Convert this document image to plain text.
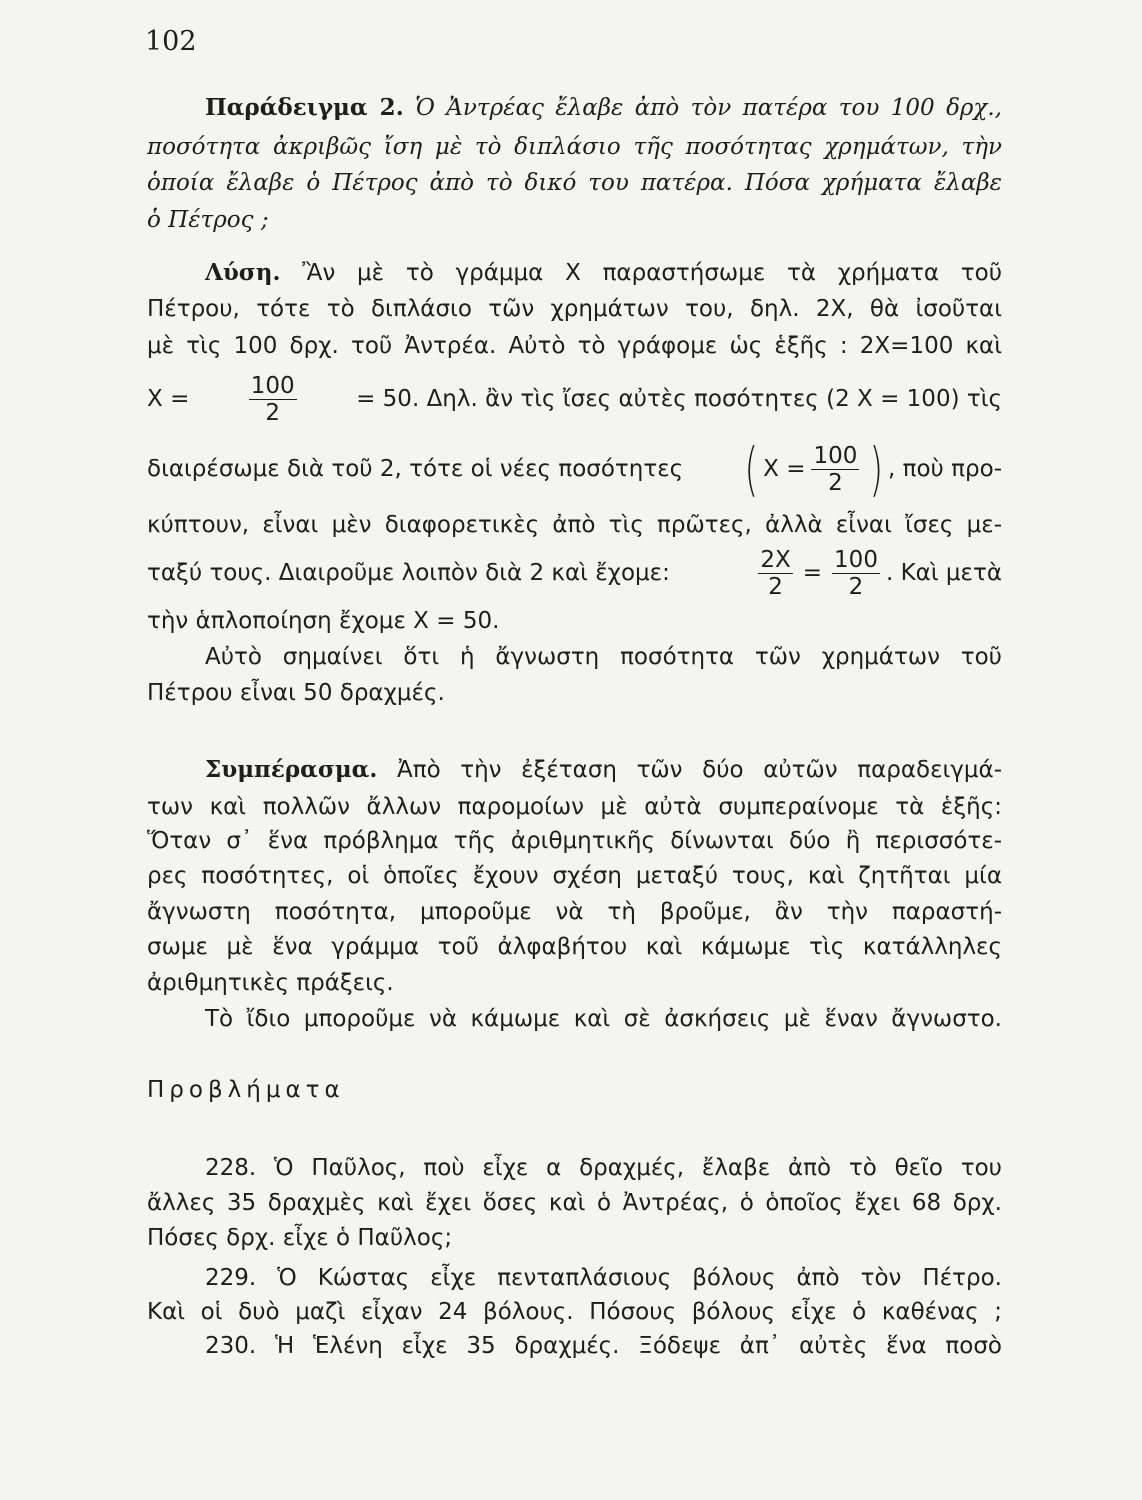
102
Παράδειγμα 2. Ὁ Ἀντρέας ἔλαβε ἀπὸ τὸν πατέρα του 100 δρχ.,
ποσότητα ἀκριβῶς ἴση μὲ τὸ διπλάσιο τῆς ποσότητας χρημάτων, τὴν
ὁποία ἔλαβε ὁ Πέτρος ἀπὸ τὸ δικό του πατέρα. Πόσα χρήματα ἔλαβε
ὁ Πέτρος ;
Λύση. Ἂν μὲ τὸ γράμμα X παραστήσωμε τὰ χρήματα τοῦ
Πέτρου, τότε τὸ διπλάσιο τῶν χρημάτων του, δηλ. 2X, θὰ ἰσοῦται
μὲ τὶς 100 δρχ. τοῦ Ἀντρέα. Αὐτὸ τὸ γράφομε ὡς ἑξῆς : 2X=100 καὶ
X =	$\frac{100}{2}$	= 50. Δηλ. ἂν τὶς ἴσες αὐτὲς ποσότητες (2 X = 100) τὶς
διαιρέσωμε διὰ τοῦ 2, τότε οἱ νέες ποσότητες ( $X = \frac{100}{2}$ ) , ποὺ προ-
κύπτουν, εἶναι μὲν διαφορετικὲς ἀπὸ τὶς πρῶτες, ἀλλὰ εἶναι ἴσες με-
ταξύ τους. Διαιροῦμε λοιπὸν διὰ 2 καὶ ἔχομε:	$\frac{2X}{2} = \frac{100}{2}$ . Καὶ μετὰ
τὴν ἁπλοποίηση ἔχομε X = 50.
Αὐτὸ σημαίνει ὅτι ἡ ἄγνωστη ποσότητα τῶν χρημάτων τοῦ
Πέτρου εἶναι 50 δραχμές.
Συμπέρασμα. Ἀπὸ τὴν ἐξέταση τῶν δύο αὐτῶν παραδειγμά-
των καὶ πολλῶν ἄλλων παρομοίων μὲ αὐτὰ συμπεραίνομε τὰ ἑξῆς:
Ὅταν σ᾿ ἕνα πρόβλημα τῆς ἀριθμητικῆς δίνωνται δύο ἢ περισσότε-
ρες ποσότητες, οἱ ὁποῖες ἔχουν σχέση μεταξύ τους, καὶ ζητῆται μία
ἄγνωστη ποσότητα, μποροῦμε νὰ τὴ βροῦμε, ἂν τὴν παραστή-
σωμε μὲ ἕνα γράμμα τοῦ ἀλφαβήτου καὶ κάμωμε τὶς κατάλληλες
ἀριθμητικὲς πράξεις.
Τὸ ἴδιο μποροῦμε νὰ κάμωμε καὶ σὲ ἀσκήσεις μὲ ἕναν ἄγνωστο.
Προβλήματα
228. Ὁ Παῦλος, ποὺ εἶχε α δραχμές, ἔλαβε ἀπὸ τὸ θεῖο του
ἄλλες 35 δραχμὲς καὶ ἔχει ὅσες καὶ ὁ Ἀντρέας, ὁ ὁποῖος ἔχει 68 δρχ.
Πόσες δρχ. εἶχε ὁ Παῦλος;
229. Ὁ Κώστας εἶχε πενταπλάσιους βόλους ἀπὸ τὸν Πέτρο.
Καὶ οἱ δυὸ μαζὶ εἶχαν 24 βόλους. Πόσους βόλους εἶχε ὁ καθένας ;
230. Ἡ Ἑλένη εἶχε 35 δραχμές. Ξόδεψε ἀπ᾿ αὐτὲς ἕνα ποσὸ
